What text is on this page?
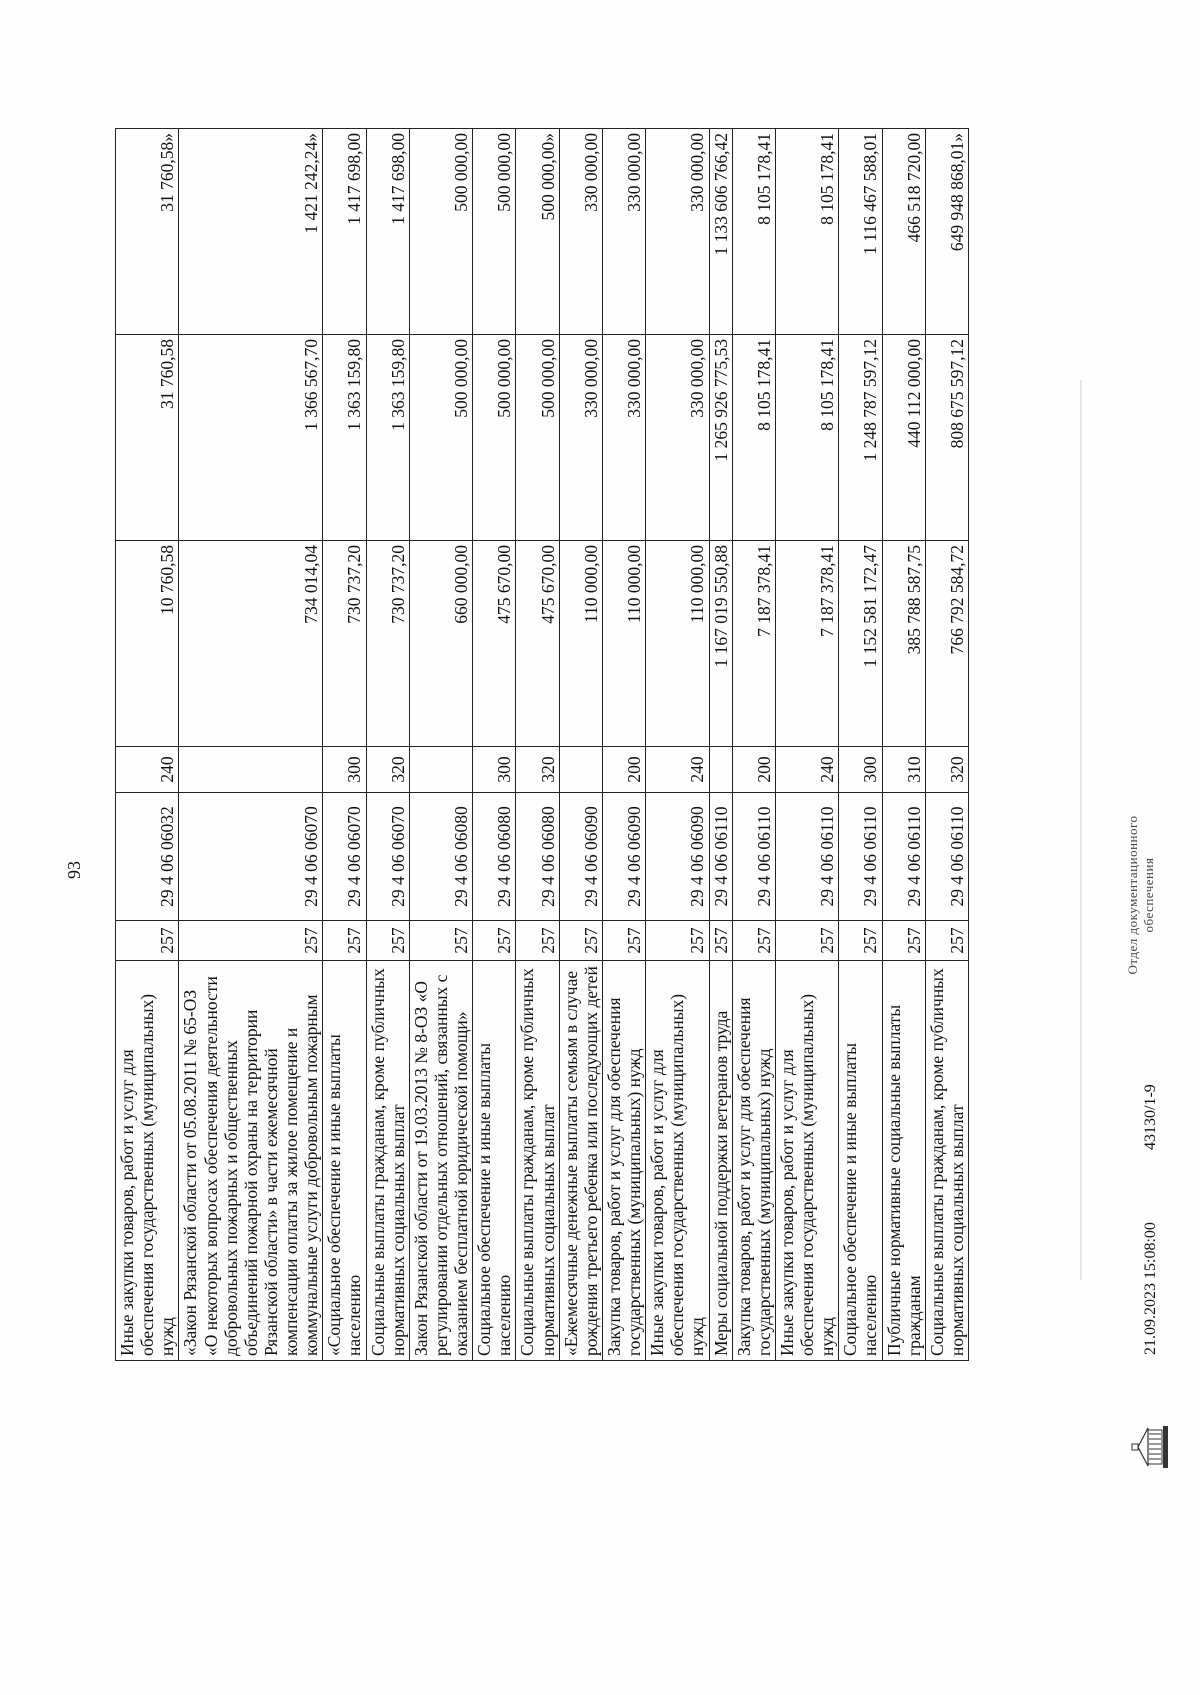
93
Иные закупки товаров, работ и услуг для обеспечения государственных (муниципальных) нужд	257	29 4 06 06032	240	10 760,58	31 760,58	31 760,58»
«Закон Рязанской области от 05.08.2011 № 65-ОЗ «О некоторых вопросах обеспечения деятельности добровольных пожарных и общественных объединений пожарной охраны на территории Рязанской области» в части ежемесячной компенсации оплаты за жилое помещение и коммунальные услуги добровольным пожарным	257	29 4 06 06070		734 014,04	1 366 567,70	1 421 242,24»
«Социальное обеспечение и иные выплаты населению	257	29 4 06 06070	300	730 737,20	1 363 159,80	1 417 698,00
Социальные выплаты гражданам, кроме публичных нормативных социальных выплат	257	29 4 06 06070	320	730 737,20	1 363 159,80	1 417 698,00
Закон Рязанской области от 19.03.2013 № 8-ОЗ «О регулировании отдельных отношений, связанных с оказанием бесплатной юридической помощи»	257	29 4 06 06080		660 000,00	500 000,00	500 000,00
Социальное обеспечение и иные выплаты населению	257	29 4 06 06080	300	475 670,00	500 000,00	500 000,00
Социальные выплаты гражданам, кроме публичных нормативных социальных выплат	257	29 4 06 06080	320	475 670,00	500 000,00	500 000,00»
«Ежемесячные денежные выплаты семьям в случае рождения третьего ребенка или последующих детей	257	29 4 06 06090		110 000,00	330 000,00	330 000,00
Закупка товаров, работ и услуг для обеспечения государственных (муниципальных) нужд	257	29 4 06 06090	200	110 000,00	330 000,00	330 000,00
Иные закупки товаров, работ и услуг для обеспечения государственных (муниципальных) нужд	257	29 4 06 06090	240	110 000,00	330 000,00	330 000,00
Меры социальной поддержки ветеранов труда	257	29 4 06 06110		1 167 019 550,88	1 265 926 775,53	1 133 606 766,42
Закупка товаров, работ и услуг для обеспечения государственных (муниципальных) нужд	257	29 4 06 06110	200	7 187 378,41	8 105 178,41	8 105 178,41
Иные закупки товаров, работ и услуг для обеспечения государственных (муниципальных) нужд	257	29 4 06 06110	240	7 187 378,41	8 105 178,41	8 105 178,41
Социальное обеспечение и иные выплаты населению	257	29 4 06 06110	300	1 152 581 172,47	1 248 787 597,12	1 116 467 588,01
Публичные нормативные социальные выплаты гражданам	257	29 4 06 06110	310	385 788 587,75	440 112 000,00	466 518 720,00
Социальные выплаты гражданам, кроме публичных нормативных социальных выплат	257	29 4 06 06110	320	766 792 584,72	808 675 597,12	649 948 868,01»
21.09.2023 15:08:00
43130/1-9
Отдел документационного обеспечения
